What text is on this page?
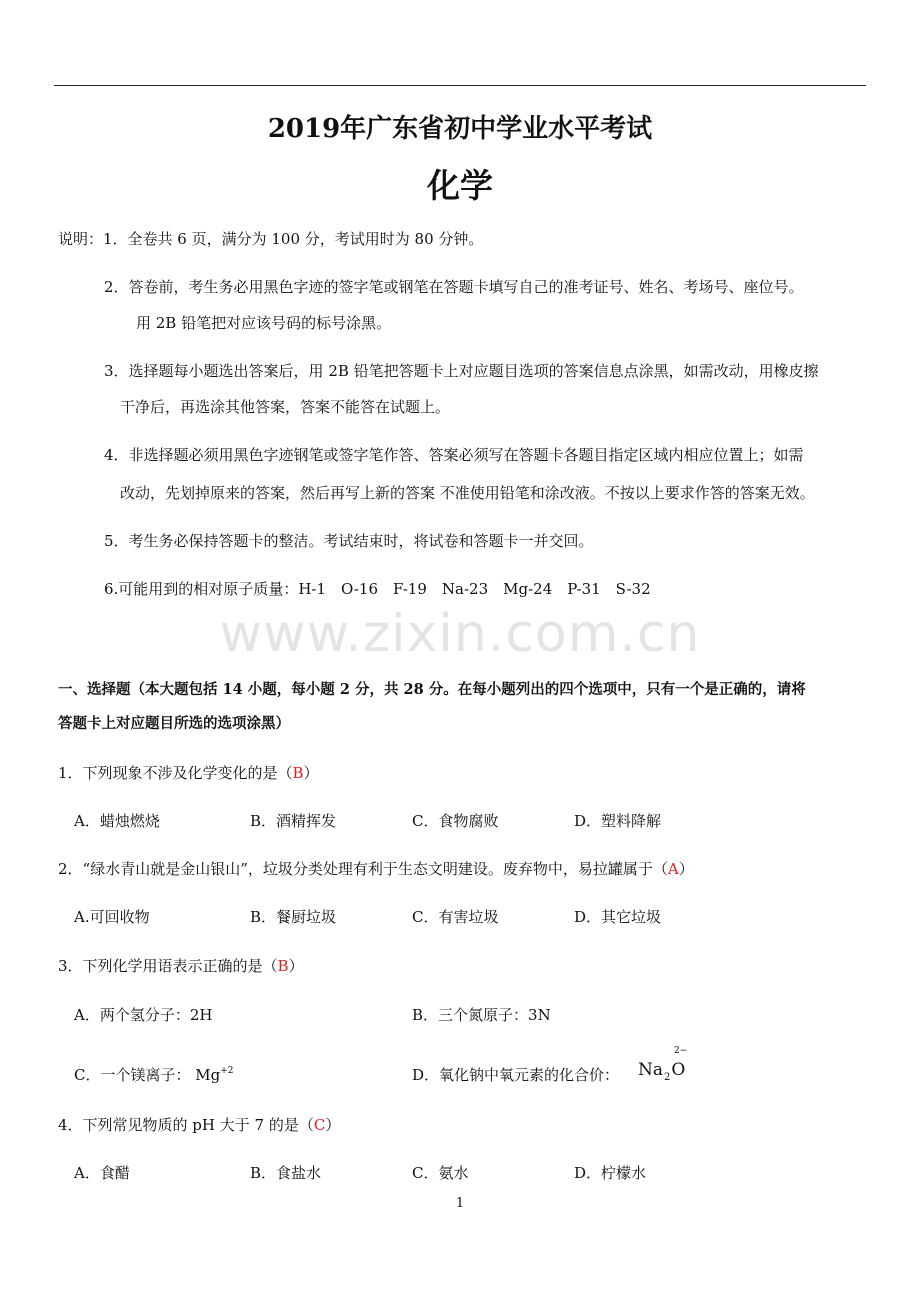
2019年广东省初中学业水平考试
化学
说明：1．全卷共 6 页，满分为 100 分，考试用时为 80 分钟。
2．答卷前，考生务必用黑色字迹的签字笔或钢笔在答题卡填写自己的准考证号、姓名、考场号、座位号。
用 2B 铅笔把对应该号码的标号涂黑。
3．选择题每小题选出答案后，用 2B 铅笔把答题卡上对应题目选项的答案信息点涂黑，如需改动，用橡皮擦
干净后，再选涂其他答案，答案不能答在试题上。
4．非选择题必须用黑色字迹钢笔或签字笔作答、答案必须写在答题卡各题目指定区域内相应位置上；如需
改动，先划掉原来的答案，然后再写上新的答案 不准使用铅笔和涂改液。不按以上要求作答的答案无效。
5．考生务必保持答题卡的整洁。考试结束时，将试卷和答题卡一并交回。
6.可能用到的相对原子质量：H-1　O-16　F-19　Na-23　Mg-24　P-31　S-32
www.zixin.com.cn
一、选择题（本大题包括 14 小题，每小题 2 分，共 28 分。在每小题列出的四个选项中，只有一个是正确的，请将
答题卡上对应题目所选的选项涂黑）
1．下列现象不涉及化学变化的是（B）
A．蜡烛燃烧	B．酒精挥发	C．食物腐败	D．塑料降解
2．“绿水青山就是金山银山”，垃圾分类处理有利于生态文明建设。废弃物中，易拉罐属于（A）
A.可回收物	B．餐厨垃圾	C．有害垃圾	D．其它垃圾
3．下列化学用语表示正确的是（B）
A．两个氢分子：2H	B．三个氮原子：3N
C．一个镁离子： $Mg^{+2}$	D．氧化钠中氧元素的化合价： $Na_2O$
2−
4．下列常见物质的 pH 大于 7 的是（C）
A．食醋	B．食盐水	C．氨水	D．柠檬水
1
